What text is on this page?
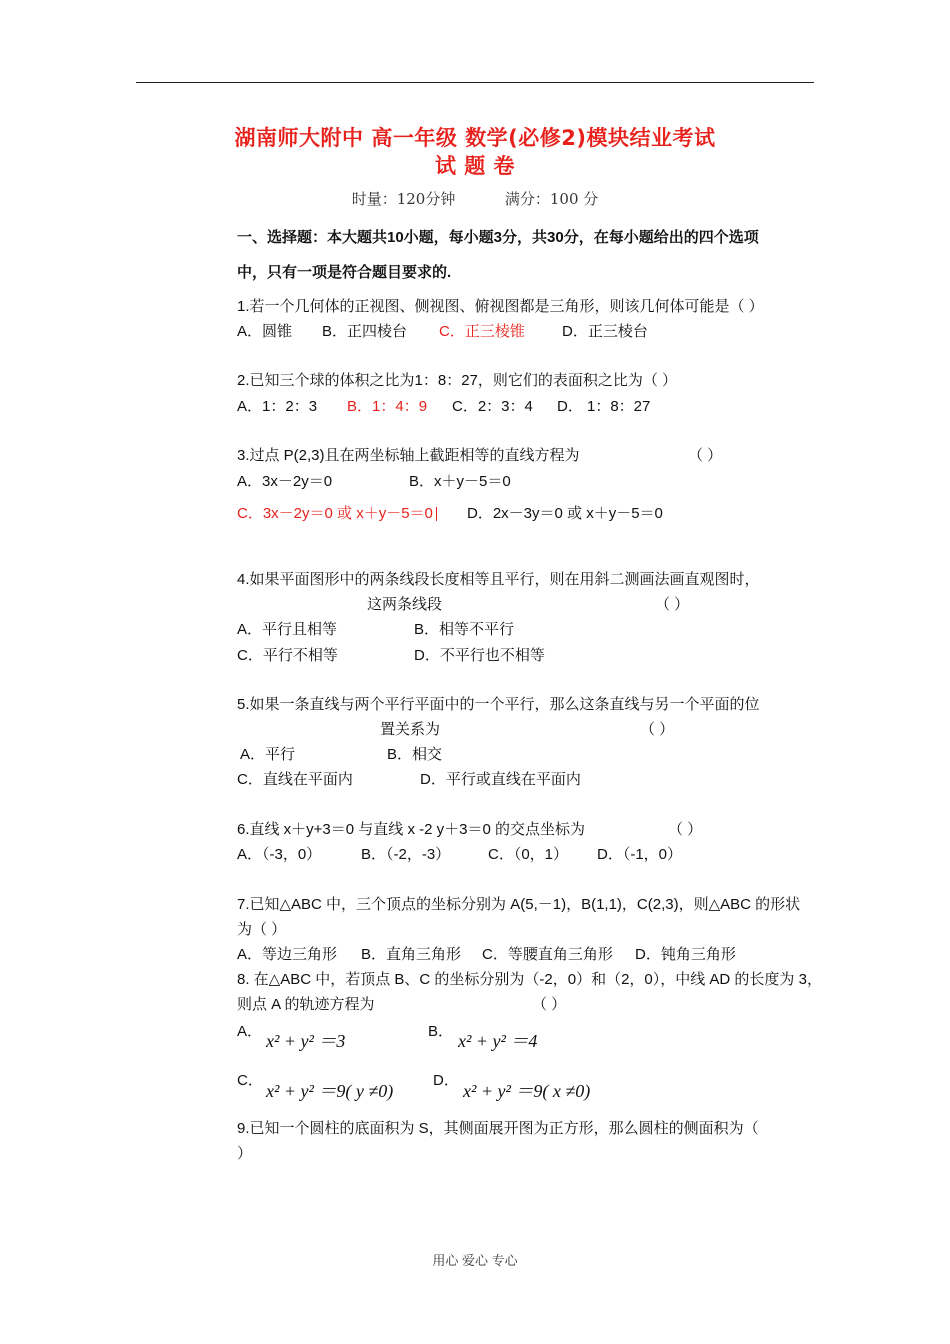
湖南师大附中 高一年级 数学(必修2)模块结业考试
试 题 卷
时量：120分钟	满分：100 分
一、选择题：本大题共10小题，每小题3分，共30分，在每小题给出的四个选项
中，只有一项是符合题目要求的.
1.若一个几何体的正视图、侧视图、俯视图都是三角形，则该几何体可能是（ ）
A．圆锥 B．正四棱台 C．正三棱锥 D．正三棱台
2.已知三个球的体积之比为1：8：27，则它们的表面积之比为（ ）
A．1：2：3 B．1：4：9 C．2：3：4 D． 1：8：27
3.过点 P(2,3)且在两坐标轴上截距相等的直线方程为	（ ）
A．3x－2y＝0	B．x＋y－5＝0
C．3x－2y＝0 或 x＋y－5＝0	D．2x－3y＝0 或 x＋y－5＝0
4.如果平面图形中的两条线段长度相等且平行，则在用斜二测画法画直观图时，
这两条线段	（ ）
A．平行且相等	B．相等不平行
C．平行不相等	D．不平行也不相等
5.如果一条直线与两个平行平面中的一个平行，那么这条直线与另一个平面的位
置关系为	（ ）
A．平行	B．相交
C．直线在平面内	D．平行或直线在平面内
6.直线 x＋y+3＝0 与直线 x -2 y＋3＝0 的交点坐标为	（ ）
A．（-3，0）	B．（-2，-3）	C．（0，1） D．（-1，0）
7.已知△ABC 中，三个顶点的坐标分别为 A(5,－1)，B(1,1)，C(2,3)，则△ABC 的形状
为（ ）
A．等边三角形 B．直角三角形 C．等腰直角三角形 D．钝角三角形
8. 在△ABC 中，若顶点 B、C 的坐标分别为（-2，0）和（2，0），中线 AD 的长度为 3，
则点 A 的轨迹方程为	（ ）
A． x² + y² ＝3	B． x² + y² ＝4
C．
x² + y² ＝9( y ≠0)
D．
x² + y² ＝9( x ≠0)
9.已知一个圆柱的底面积为 S，其侧面展开图为正方形，那么圆柱的侧面积为（
）
用心 爱心 专心
